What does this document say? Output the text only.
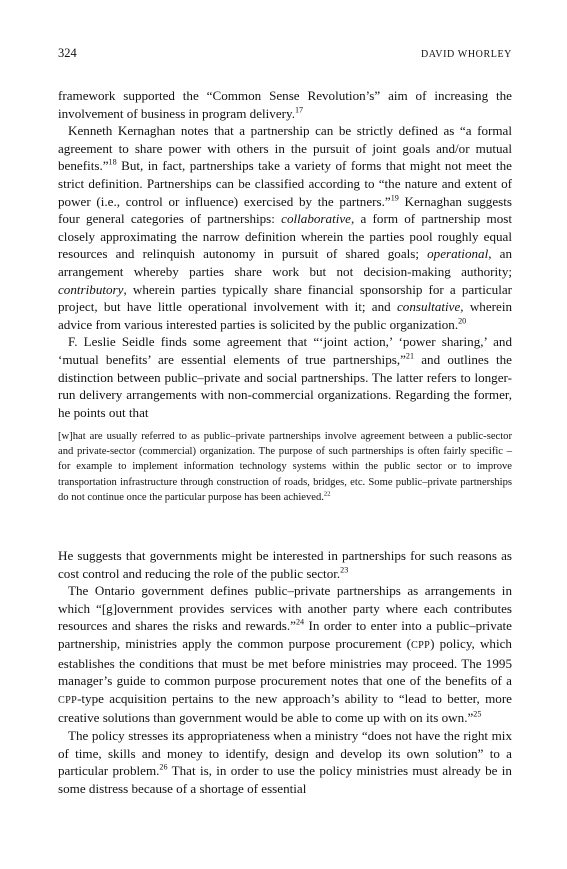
324	DAVID WHORLEY

framework supported the “Common Sense Revolution’s” aim of increasing the involvement of business in program delivery.$^{17}$

Kenneth Kernaghan notes that a partnership can be strictly defined as “a formal agreement to share power with others in the pursuit of joint goals and/or mutual benefits.”$^{18}$ But, in fact, partnerships take a variety of forms that might not meet the strict definition. Partnerships can be classified according to “the nature and extent of power (i.e., control or influence) exercised by the partners.”$^{19}$ Kernaghan suggests four general categories of partnerships: collaborative, a form of partnership most closely approximating the narrow definition wherein the parties pool roughly equal resources and relinquish autonomy in pursuit of shared goals; operational, an arrangement whereby parties share work but not decision-making authority; contributory, wherein parties typically share financial sponsorship for a particular project, but have little operational involvement with it; and consultative, wherein advice from various interested parties is solicited by the public organization.$^{20}$

F. Leslie Seidle finds some agreement that “‘joint action,’ ‘power sharing,’ and ‘mutual benefits’ are essential elements of true partnerships,”$^{21}$ and outlines the distinction between public–private and social partnerships. The latter refers to longer-run delivery arrangements with non-commercial organizations. Regarding the former, he points out that

[w]hat are usually referred to as public–private partnerships involve agreement between a public-sector and private-sector (commercial) organization. The purpose of such partnerships is often fairly specific – for example to implement information technology systems within the public sector or to improve transportation infrastructure through construction of roads, bridges, etc. Some public–private partnerships do not continue once the particular purpose has been achieved.$^{22}$

He suggests that governments might be interested in partnerships for such reasons as cost control and reducing the role of the public sector.$^{23}$

The Ontario government defines public–private partnerships as arrangements in which “[g]overnment provides services with another party where each contributes resources and shares the risks and rewards.”$^{24}$ In order to enter into a public–private partnership, ministries apply the common purpose procurement (CPP) policy, which establishes the conditions that must be met before ministries may proceed. The 1995 manager’s guide to common purpose procurement notes that one of the benefits of a CPP-type acquisition pertains to the new approach’s ability to “lead to better, more creative solutions than government would be able to come up with on its own.”$^{25}$

The policy stresses its appropriateness when a ministry “does not have the right mix of time, skills and money to identify, design and develop its own solution” to a particular problem.$^{26}$ That is, in order to use the policy ministries must already be in some distress because of a shortage of essential
